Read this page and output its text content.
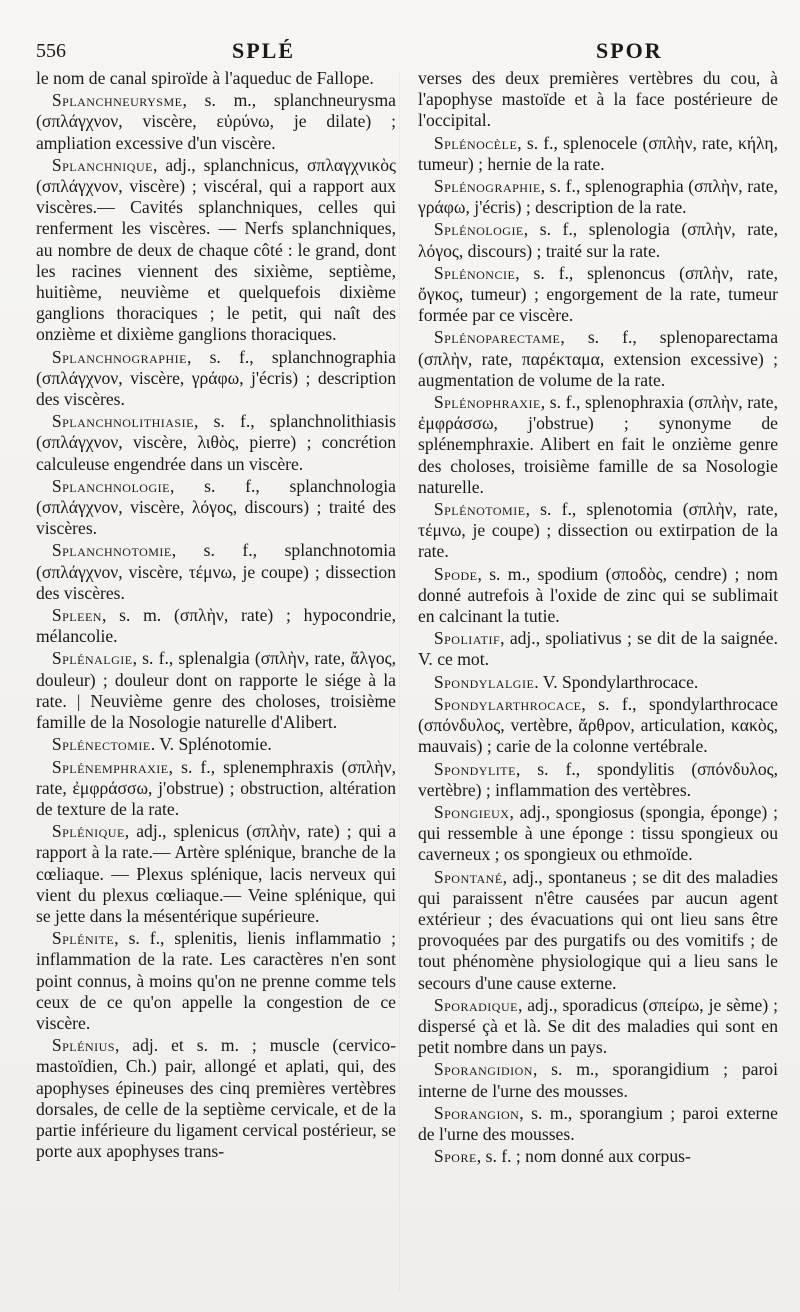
556	SPLÉ	SPOR

le nom de canal spiroïde à l'aqueduc de Fallope.

Splanchneurysme, s. m., splanchneurysma (σπλάγχνον, viscère, εὐρύνω, je dilate) ; ampliation excessive d'un viscère.

Splanchnique, adj., splanchnicus, σπλαγχνικὸς (σπλάγχνον, viscère) ; viscéral, qui a rapport aux viscères.— Cavités splanchniques, celles qui renferment les viscères. — Nerfs splanchniques, au nombre de deux de chaque côté : le grand, dont les racines viennent des sixième, septième, huitième, neuvième et quelquefois dixième ganglions thoraciques ; le petit, qui naît des onzième et dixième ganglions thoraciques.

Splanchnographie, s. f., splanchnographia (σπλάγχνον, viscère, γράφω, j'écris) ; description des viscères.

Splanchnolithiasie, s. f., splanchnolithiasis (σπλάγχνον, viscère, λιθὸς, pierre) ; concrétion calculeuse engendrée dans un viscère.

Splanchnologie, s. f., splanchnologia (σπλάγχνον, viscère, λόγος, discours) ; traité des viscères.

Splanchnotomie, s. f., splanchnotomia (σπλάγχνον, viscère, τέμνω, je coupe) ; dissection des viscères.

Spleen, s. m. (σπλὴν, rate) ; hypocondrie, mélancolie.

Splénalgie, s. f., splenalgia (σπλὴν, rate, ἄλγος, douleur) ; douleur dont on rapporte le siége à la rate. | Neuvième genre des choloses, troisième famille de la Nosologie naturelle d'Alibert.

Splénectomie. V. Splénotomie.

Splénemphraxie, s. f., splenemphraxis (σπλὴν, rate, ἐμφράσσω, j'obstrue) ; obstruction, altération de texture de la rate.

Splénique, adj., splenicus (σπλὴν, rate) ; qui a rapport à la rate.— Artère splénique, branche de la cœliaque. — Plexus splénique, lacis nerveux qui vient du plexus cœliaque.— Veine splénique, qui se jette dans la mésentérique supérieure.

Splénite, s. f., splenitis, lienis inflammatio ; inflammation de la rate. Les caractères n'en sont point connus, à moins qu'on ne prenne comme tels ceux de ce qu'on appelle la congestion de ce viscère.

Splénius, adj. et s. m. ; muscle (cervico-mastoïdien, Ch.) pair, allongé et aplati, qui, des apophyses épineuses des cinq premières vertèbres dorsales, de celle de la septième cervicale, et de la partie inférieure du ligament cervical postérieur, se porte aux apophyses trans-

verses des deux premières vertèbres du cou, à l'apophyse mastoïde et à la face postérieure de l'occipital.

Splénocèle, s. f., splenocele (σπλὴν, rate, κήλη, tumeur) ; hernie de la rate.

Splénographie, s. f., splenographia (σπλὴν, rate, γράφω, j'écris) ; description de la rate.

Splénologie, s. f., splenologia (σπλὴν, rate, λόγος, discours) ; traité sur la rate.

Splénoncie, s. f., splenoncus (σπλὴν, rate, ὄγκος, tumeur) ; engorgement de la rate, tumeur formée par ce viscère.

Splénoparectame, s. f., splenoparectama (σπλὴν, rate, παρέκταμα, extension excessive) ; augmentation de volume de la rate.

Splénophraxie, s. f., splenophraxia (σπλὴν, rate, ἐμφράσσω, j'obstrue) ; synonyme de splénemphraxie. Alibert en fait le onzième genre des choloses, troisième famille de sa Nosologie naturelle.

Splénotomie, s. f., splenotomia (σπλὴν, rate, τέμνω, je coupe) ; dissection ou extirpation de la rate.

Spode, s. m., spodium (σποδὸς, cendre) ; nom donné autrefois à l'oxide de zinc qui se sublimait en calcinant la tutie.

Spoliatif, adj., spoliativus ; se dit de la saignée. V. ce mot.

Spondylalgie. V. Spondylarthrocace.

Spondylarthrocace, s. f., spondylarthrocace (σπόνδυλος, vertèbre, ἄρθρον, articulation, κακὸς, mauvais) ; carie de la colonne vertébrale.

Spondylite, s. f., spondylitis (σπόνδυλος, vertèbre) ; inflammation des vertèbres.

Spongieux, adj., spongiosus (spongia, éponge) ; qui ressemble à une éponge : tissu spongieux ou caverneux ; os spongieux ou ethmoïde.

Spontané, adj., spontaneus ; se dit des maladies qui paraissent n'être causées par aucun agent extérieur ; des évacuations qui ont lieu sans être provoquées par des purgatifs ou des vomitifs ; de tout phénomène physiologique qui a lieu sans le secours d'une cause externe.

Sporadique, adj., sporadicus (σπείρω, je sème) ; dispersé çà et là. Se dit des maladies qui sont en petit nombre dans un pays.

Sporangidion, s. m., sporangidium ; paroi interne de l'urne des mousses.

Sporangion, s. m., sporangium ; paroi externe de l'urne des mousses.

Spore, s. f. ; nom donné aux corpus-
